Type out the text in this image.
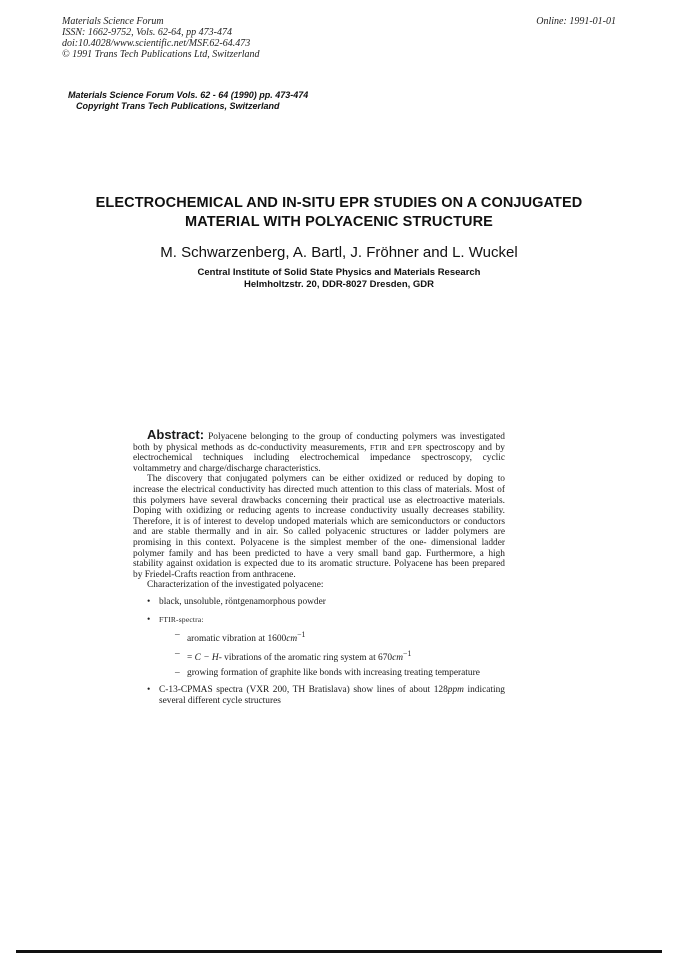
Materials Science Forum
ISSN: 1662-9752, Vols. 62-64, pp 473-474
doi:10.4028/www.scientific.net/MSF.62-64.473
© 1991 Trans Tech Publications Ltd, Switzerland
Online: 1991-01-01
Materials Science Forum Vols. 62 - 64 (1990) pp. 473-474
Copyright Trans Tech Publications, Switzerland
ELECTROCHEMICAL AND IN-SITU EPR STUDIES ON A CONJUGATED
MATERIAL WITH POLYACENIC STRUCTURE
M. Schwarzenberg, A. Bartl, J. Fröhner and L. Wuckel
Central Institute of Solid State Physics and Materials Research
Helmholtzstr. 20, DDR-8027 Dresden, GDR

Abstract: Polyacene belonging to the group of conducting polymers was investigated both by physical methods as dc-conductivity measurements, FTIR and EPR spectroscopy and by electrochemical techniques including electrochemical impedance spectroscopy, cyclic voltammetry and charge/discharge characteristics.

The discovery that conjugated polymers can be either oxidized or reduced by doping to increase the electrical conductivity has directed much attention to this class of materials. Most of this polymers have several drawbacks concerning their practical use as electroactive materials. Doping with oxidizing or reducing agents to increase conductivity usually decreases stability. Therefore, it is of interest to develop undoped materials which are semiconductors or conductors and are stable thermally and in air. So called polyacenic structures or ladder polymers are promising in this context. Polyacene is the simplest member of the one- dimensional ladder polymer family and has been predicted to have a very small band gap. Furthermore, a high stability against oxidation is expected due to its aromatic structure. Polyacene has been prepared by Friedel-Crafts reaction from anthracene.

Characterization of the investigated polyacene:

• black, unsoluble, röntgenamorphous powder
• FTIR-spectra:
– aromatic vibration at $1600cm^{-1}$
– = C − H- vibrations of the aromatic ring system at $670cm^{-1}$
– growing formation of graphite like bonds with increasing treating temperature
• C-13-CPMAS spectra (VXR 200, TH Bratislava) show lines of about 128ppm indicating several different cycle structures
